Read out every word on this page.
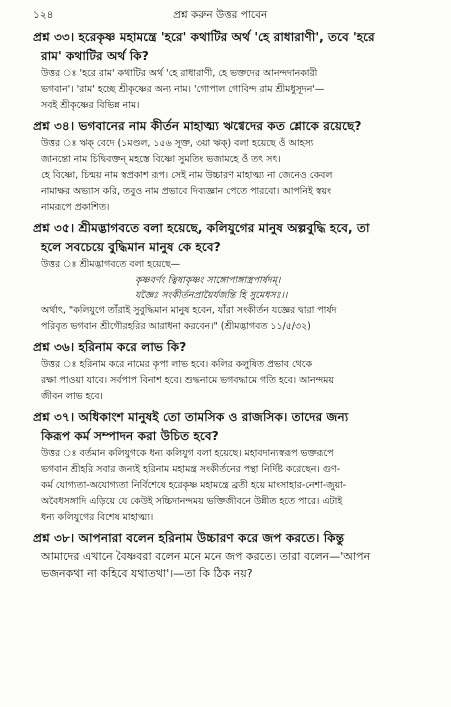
১২৪	প্রশ্ন করুন উত্তর পাবেন
প্রশ্ন ৩৩। হরেকৃষ্ণ মহামন্ত্রে 'হরে' কথাটির অর্থ 'হে রাধারাণী', তবে 'হরে
রাম' কথাটির অর্থ কি?
উত্তর ঃ 'হরে রাম' কথাটির অর্থ 'হে রাধারাণী, হে ভক্তদের আনন্দদানকারী
ভগবান'। 'রাম' হচ্ছে শ্রীকৃষ্ণের অন্য নাম। 'গোপাল গোবিন্দ রাম শ্রীমধুসূদন'—
সবই শ্রীকৃষ্ণের বিভিন্ন নাম।
প্রশ্ন ৩৪। ভগবানের নাম কীর্তন মাহাত্ম্য ঋগ্বেদের কত শ্লোকে রয়েছে?
উত্তর ঃ ঋক্ বেদে (১মণ্ডল, ১৫৬ সূক্ত, ৩য়া ঋক্) বলা হয়েছে ওঁ আহস্য
জানন্তো নাম চিদ্বিবক্তন্ মহস্তে বিষ্ণো সুমতিং ভজামহে ওঁ তৎ সৎ।
হে বিষ্ণো, চিন্ময় নাম স্বপ্রকাশ রূপ। সেই নাম উচ্চারণ মাহাত্ম্য না জেনেও কেবল
নামাক্ষর অভ্যাস করি, তবুও নাম প্রভাবে দিব্যজ্ঞান পেতে পারবো। আপনিই স্বয়ং
নামরূপে প্রকাশিত।
প্রশ্ন ৩৫। শ্রীমদ্ভাগবতে বলা হয়েছে, কলিযুগের মানুষ অল্পবুদ্ধি হবে, তা
হলে সবচেয়ে বুদ্ধিমান মানুষ কে হবে?
উত্তর ঃ শ্রীমদ্ভাগবতে বলা হয়েছে—
কৃষ্ণবর্ণং ত্বিষাকৃষ্ণং সাঙ্গোপাঙ্গাস্ত্রপার্ষদম্।
যজ্ঞৈঃ সংকীর্তনপ্রায়ৈর্যজন্তি হি সুমেধসঃ।।
অর্থাৎ, "কলিযুগে তাঁরাই সুবুদ্ধিমান মানুষ হবেন, যাঁরা সংকীর্তন যজ্ঞের দ্বারা পার্ষদ
পরিবৃত ভগবান শ্রীগৌরহরির আরাধনা করবেন।" (শ্রীমদ্ভাগবত ১১/৫/৩২)
প্রশ্ন ৩৬। হরিনাম করে লাভ কি?
উত্তর ঃ হরিনাম করে নামের কৃপা লাভ হবে। কলির কলুষিত প্রভাব থেকে
রক্ষা পাওয়া যাবে। সর্বপাপ বিনাশ হবে। শুদ্ধনামে ভগবদ্ধামে গতি হবে। আনন্দময়
জীবন লাভ হবে।
প্রশ্ন ৩৭। অধিকাংশ মানুষই তো তামসিক ও রাজসিক। তাদের জন্য
কিরূপ কর্ম সম্পাদন করা উচিত হবে?
উত্তর ঃ বর্তমান কলিযুগকে ধন্য কলিযুগ বলা হয়েছে। মহাবদান্যস্বরূপ ভক্তরূপে
ভগবান শ্রীহরি সবার জন্যই হরিনাম মহামন্ত্র সংকীর্তনের পন্থা নির্দিষ্ট করেছেন। গুণ-
কর্ম যোগ্যতা-অযোগ্যতা নির্বিশেষে হরেকৃষ্ণ মহামন্ত্রে ব্রতী হয়ে মাংসাহার-নেশা-জুয়া-
অবৈধসঙ্গাদি এড়িয়ে যে কেউই সচ্চিদানন্দময় ভক্তিজীবনে উন্নীত হতে পারে। এটাই
ধন্য কলিযুগের বিশেষ মাহাত্ম্য।
প্রশ্ন ৩৮। আপনারা বলেন হরিনাম উচ্চারণ করে জপ করতে। কিন্তু
আমাদের এখানে বৈষ্ণবরা বলেন মনে মনে জপ করতে। তারা বলেন—'আপন
ভজনকথা না কহিবে যথাতথা'।—তা কি ঠিক নয়?
